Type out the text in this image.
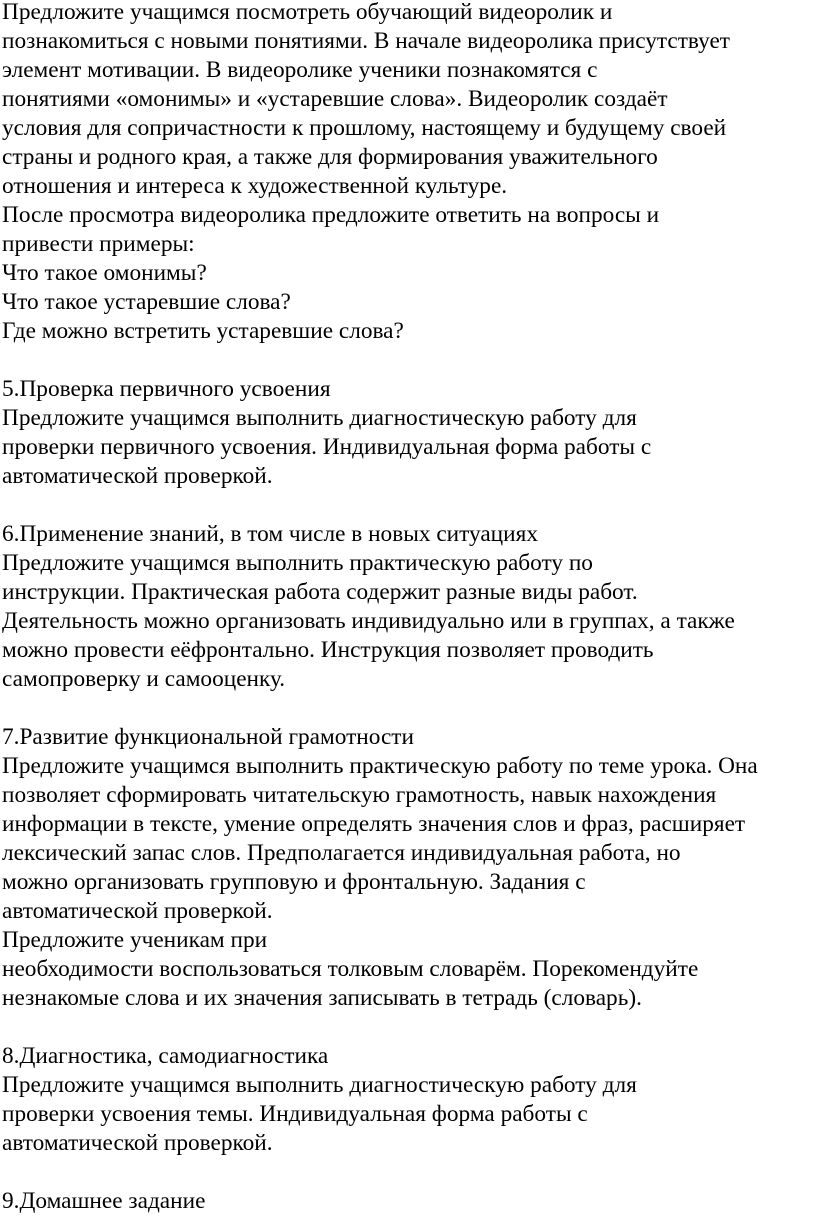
Предложите учащимся посмотреть обучающий видеоролик и
познакомиться с новыми понятиями. В начале видеоролика присутствует
элемент мотивации. В видеоролике ученики познакомятся с
понятиями «омонимы» и «устаревшие слова». Видеоролик создаёт
условия для сопричастности к прошлому, настоящему и будущему своей
страны и родного края, а также для формирования уважительного
отношения и интереса к художественной культуре.
После просмотра видеоролика предложите ответить на вопросы и
привести примеры:
Что такое омонимы?
Что такое устаревшие слова?
Где можно встретить устаревшие слова?
5.Проверка первичного усвоения
Предложите учащимся выполнить диагностическую работу для
проверки первичного усвоения. Индивидуальная форма работы с
автоматической проверкой.
6.Применение знаний, в том числе в новых ситуациях
Предложите учащимся выполнить практическую работу по
инструкции. Практическая работа содержит разные виды работ.
Деятельность можно организовать индивидуально или в группах, а также
можно провести еёфронтально. Инструкция позволяет проводить
самопроверку и самооценку.
7.Развитие функциональной грамотности
Предложите учащимся выполнить практическую работу по теме урока. Она
позволяет сформировать читательскую грамотность, навык нахождения
информации в тексте, умение определять значения слов и фраз, расширяет
лексический запас слов. Предполагается индивидуальная работа, но
можно организовать групповую и фронтальную. Задания с
автоматической проверкой.
Предложите ученикам при
необходимости воспользоваться толковым словарём. Порекомендуйте
незнакомые слова и их значения записывать в тетрадь (словарь).
8.Диагностика, самодиагностика
Предложите учащимся выполнить диагностическую работу для
проверки усвоения темы. Индивидуальная форма работы с
автоматической проверкой.
9.Домашнее задание
